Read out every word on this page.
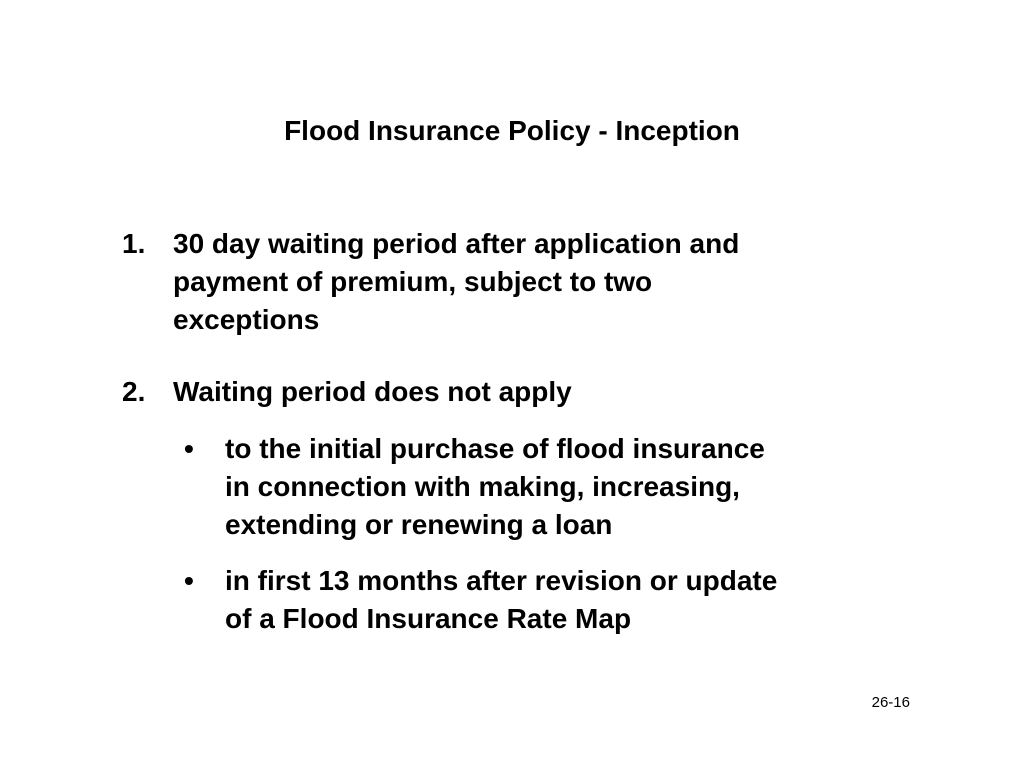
Flood Insurance Policy - Inception
1. 30 day waiting period after application and
payment of premium, subject to two
exceptions
2. Waiting period does not apply
• to the initial purchase of flood insurance
in connection with making, increasing,
extending or renewing a loan
• in first 13 months after revision or update
of a Flood Insurance Rate Map
26-16
